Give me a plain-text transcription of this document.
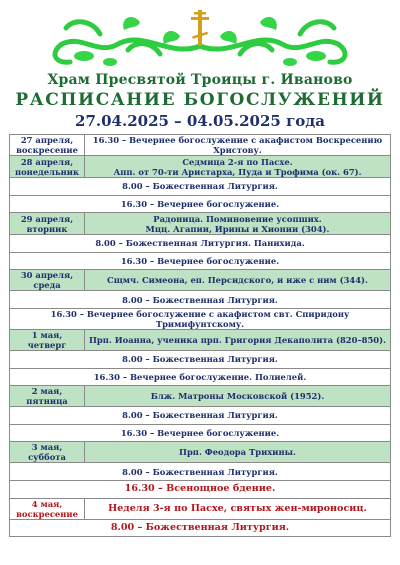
Храм Пресвятой Троицы г. Иваново
РАСПИСАНИЕ БОГОСЛУЖЕНИЙ
27.04.2025 – 04.05.2025 года
27 апреля,
воскресение	16.30 – Вечернее богослужение с акафистом Воскресению Христову.
28 апреля,
понедельник	Седмица 2-я по Пасхе.
Апп. от 70-ти Аристарха, Пуда и Трофима (ок. 67).
8.00 – Божественная Литургия.	
16.30 – Вечернее богослужение.	
29 апреля,
вторник	Радоница. Поминовение усопших.
Мцц. Агапии, Ирины и Хионии (304).
8.00 – Божественная Литургия. Панихида.	
16.30 – Вечернее богослужение.	
30 апреля,
среда	Сщмч. Симеона, еп. Персидского, и иже с ним (344).
8.00 – Божественная Литургия.	
16.30 – Вечернее богослужение с акафистом свт. Спиридону Тримифунтскому.	
1 мая,
четверг	Прп. Иоанна, ученика прп. Григория Декаполита (820–850).
8.00 – Божественная Литургия.	
16.30 – Вечернее богослужение. Полиелей.	
2 мая,
пятница	Блж. Матроны Московской (1952).
8.00 – Божественная Литургия.	
16.30 – Вечернее богослужение.	
3 мая,
суббота	Прп. Феодора Трихины.
8.00 – Божественная Литургия.	
16.30 – Всенощное бдение.	
4 мая,
воскресение	Неделя 3-я по Пасхе, святых жен-мироносиц.
8.00 – Божественная Литургия.	
